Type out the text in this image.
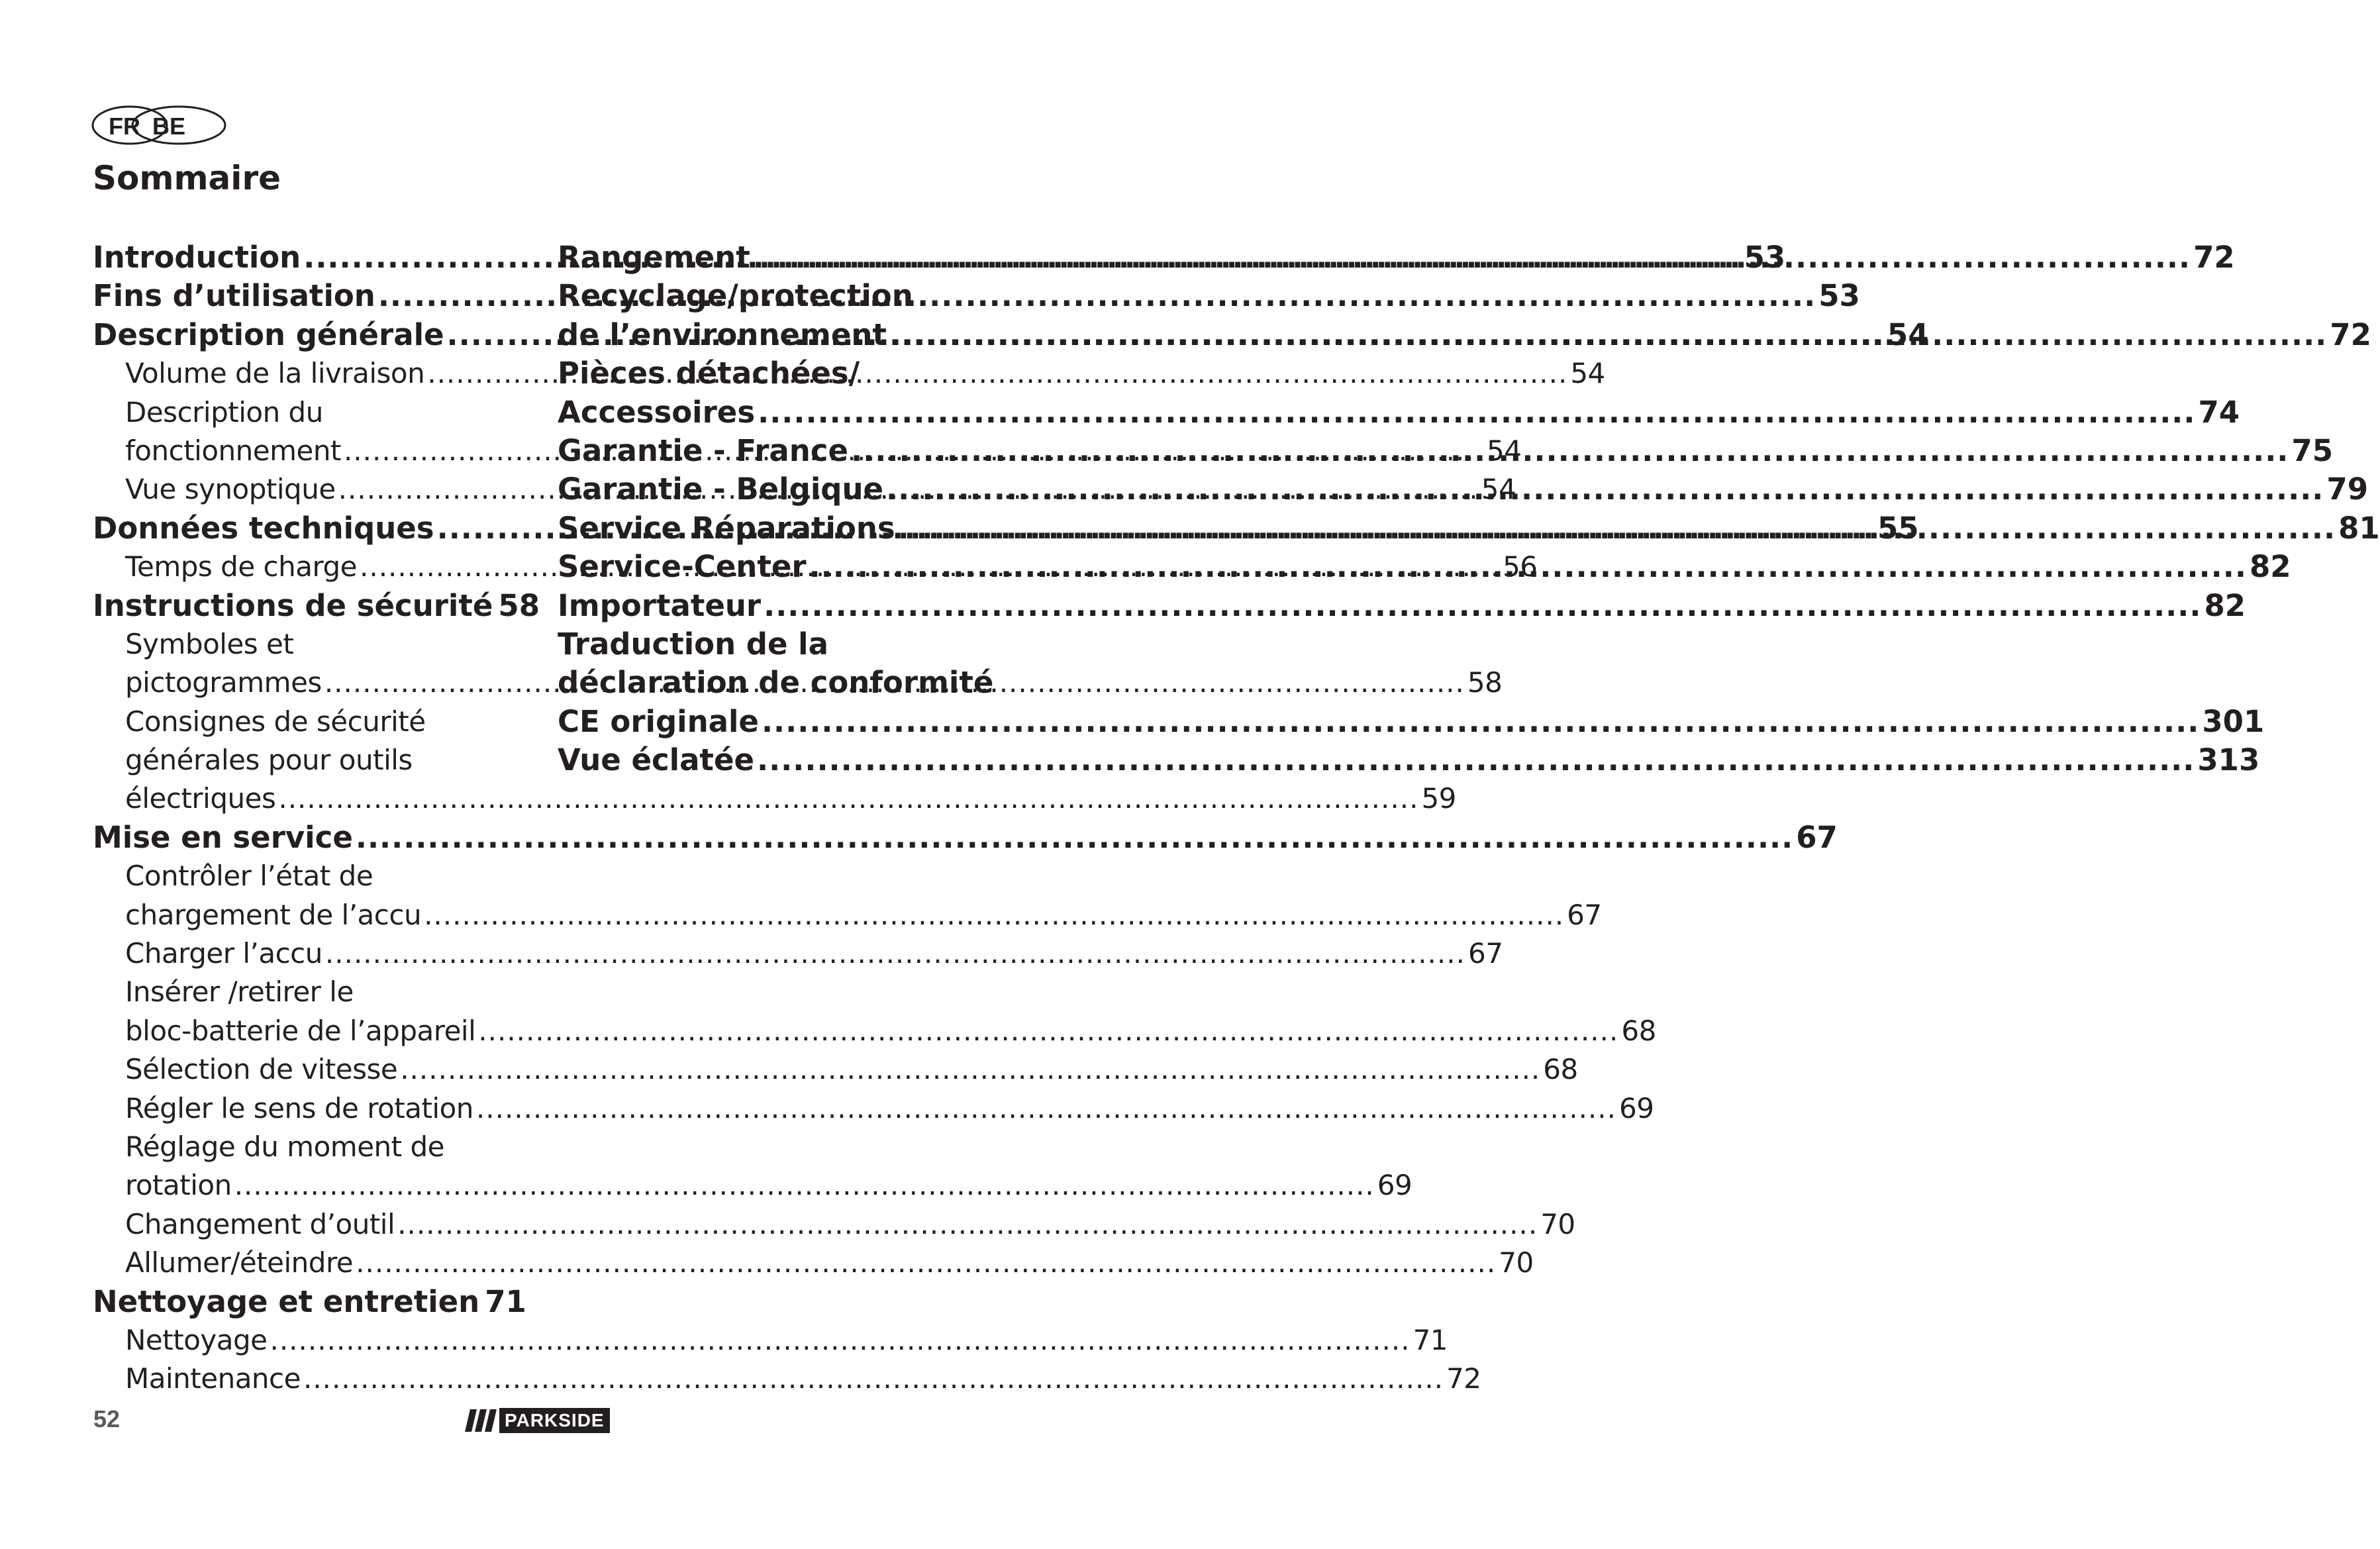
FR BE
Sommaire
Introduction .....	53
Fins d’utilisation .....	53
Description générale .....	54
Volume de la livraison .....	54
Description du
fonctionnement .....	54
Vue synoptique .....	54
Données techniques .....	55
Temps de charge .....	56
Instructions de sécurité 58
Symboles et
pictogrammes .....	58
Consignes de sécurité
générales pour outils
électriques .....	59
Mise en service .....	67
Contrôler l’état de
chargement de l’accu .....	67
Charger l’accu .....	67
Insérer /retirer le
bloc-batterie de l’appareil .....	68
Sélection de vitesse .....	68
Régler le sens de rotation .....	69
Réglage du moment de
rotation .....	69
Changement d’outil .....	70
Allumer/éteindre .....	70
Nettoyage et entretien 71
Nettoyage .....	71
Maintenance .....	72
Rangement .....	72
Recyclage/protection
de l’environnement .....	72
Pièces détachées/
Accessoires .....	74
Garantie - France .....	75
Garantie - Belgique .....	79
Service Réparations .....	81
Service-Center .....	82
Importateur .....	82
Traduction de la
déclaration de conformité
CE originale .....	301
Vue éclatée .....	313
52	PARKSIDE
